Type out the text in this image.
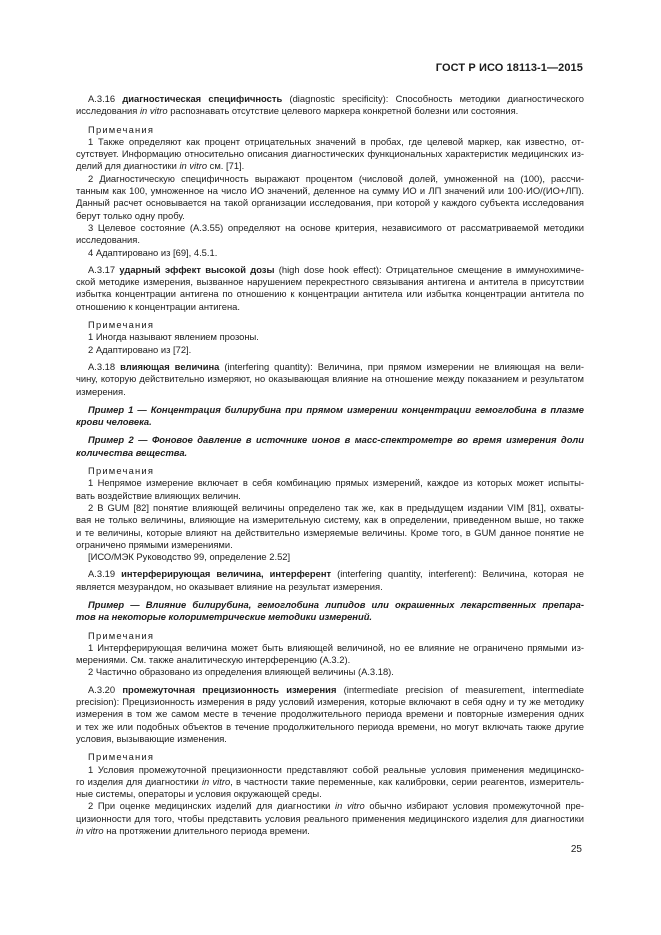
ГОСТ Р ИСО 18113-1—2015

A.3.16 диагностическая специфичность (diagnostic specificity): Способность методики диагностического
исследования in vitro распознавать отсутствие целевого маркера конкретной болезни или состояния.

Примечания

1 Также определяют как процент отрицательных значений в пробах, где целевой маркер, как известно, от-
сутствует. Информацию относительно описания диагностических функциональных характеристик медицинских из-
делий для диагностики in vitro см. [71].

2 Диагностическую специфичность выражают процентом (числовой долей, умноженной на (100), рассчи-
танным как 100, умноженное на число ИО значений, деленное на сумму ИО и ЛП значений или 100·ИО/(ИО+ЛП).
Данный расчет основывается на такой организации исследования, при которой у каждого субъекта исследования
берут только одну пробу.

3 Целевое состояние (A.3.55) определяют на основе критерия, независимого от рассматриваемой методики
исследования.

4 Адаптировано из [69], 4.5.1.

A.3.17 ударный эффект высокой дозы (high dose hook effect): Отрицательное смещение в иммунохимиче-
ской методике измерения, вызванное нарушением перекрестного связывания антигена и антитела в присутствии
избытка концентрации антигена по отношению к концентрации антитела или избытка концентрации антитела по
отношению к концентрации антигена.

Примечания

1 Иногда называют явлением прозоны.

2 Адаптировано из [72].

A.3.18 влияющая величина (interfering quantity): Величина, при прямом измерении не влияющая на вели-
чину, которую действительно измеряют, но оказывающая влияние на отношение между показанием и результатом
измерения.

Пример 1 — Концентрация билирубина при прямом измерении концентрации гемоглобина в плазме
крови человека.

Пример 2 — Фоновое давление в источнике ионов в масс-спектрометре во время измерения доли
количества вещества.

Примечания

1 Непрямое измерение включает в себя комбинацию прямых измерений, каждое из которых может испыты-
вать воздействие влияющих величин.

2 В GUM [82] понятие влияющей величины определено так же, как в предыдущем издании VIM [81], охваты-
вая не только величины, влияющие на измерительную систему, как в определении, приведенном выше, но также
и те величины, которые влияют на действительно измеряемые величины. Кроме того, в GUM данное понятие не
ограничено прямыми измерениями.

[ИСО/МЭК Руководство 99, определение 2.52]

A.3.19 интерферирующая величина, интерферент (interfering quantity, interferent): Величина, которая не
является мезурандом, но оказывает влияние на результат измерения.

Пример — Влияние билирубина, гемоглобина липидов или окрашенных лекарственных препара-
тов на некоторые колориметрические методики измерений.

Примечания

1 Интерферирующая величина может быть влияющей величиной, но ее влияние не ограничено прямыми из-
мерениями. См. также аналитическую интерференцию (A.3.2).

2 Частично образовано из определения влияющей величины (A.3.18).

A.3.20 промежуточная прецизионность измерения (intermediate precision of measurement, intermediate
precision): Прецизионность измерения в ряду условий измерения, которые включают в себя одну и ту же методику
измерения в том же самом месте в течение продолжительного периода времени и повторные измерения одних
и тех же или подобных объектов в течение продолжительного периода времени, но могут включать также другие
условия, вызывающие изменения.

Примечания

1 Условия промежуточной прецизионности представляют собой реальные условия применения медицинско-
го изделия для диагностики in vitro, в частности такие переменные, как калибровки, серии реагентов, измеритель-
ные системы, операторы и условия окружающей среды.

2 При оценке медицинских изделий для диагностики in vitro обычно избирают условия промежуточной пре-
цизионности для того, чтобы представить условия реального применения медицинского изделия для диагностики
in vitro на протяжении длительного периода времени.

25
